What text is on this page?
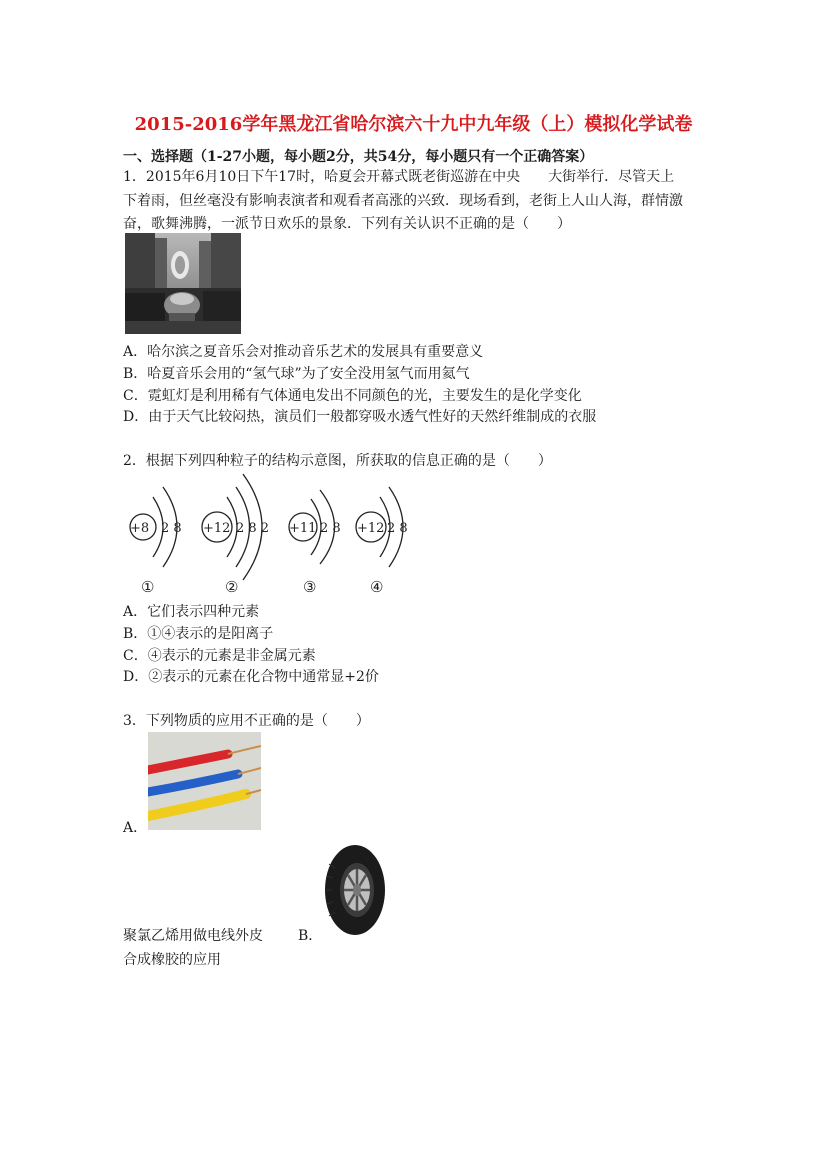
2015-2016学年黑龙江省哈尔滨六十九中九年级（上）模拟化学试卷
一、选择题（1-27小题，每小题2分，共54分，每小题只有一个正确答案）
1．2015年6月10日下午17时，哈夏会开幕式既老街巡游在中央　　大街举行．尽管天上
下着雨，但丝毫没有影响表演者和观看者高涨的兴致．现场看到，老街上人山人海，群情激
奋，歌舞沸腾，一派节日欢乐的景象．下列有关认识不正确的是（　　）
A．哈尔滨之夏音乐会对推动音乐艺术的发展具有重要意义
B．哈夏音乐会用的“氢气球”为了安全没用氢气而用氦气
C．霓虹灯是利用稀有气体通电发出不同颜色的光，主要发生的是化学变化
D．由于天气比较闷热，演员们一般都穿吸水透气性好的天然纤维制成的衣服
2．根据下列四种粒子的结构示意图，所获取的信息正确的是（　　）
+8 2 8 +12 2 8 2 +11 2 8 +12 2 8
①	②	③	④
A．它们表示四种元素
B．①④表示的是阳离子
C．④表示的元素是非金属元素
D．②表示的元素在化合物中通常显+2价
3．下列物质的应用不正确的是（　　）
A．
聚氯乙烯用做电线外皮	B．
合成橡胶的应用
